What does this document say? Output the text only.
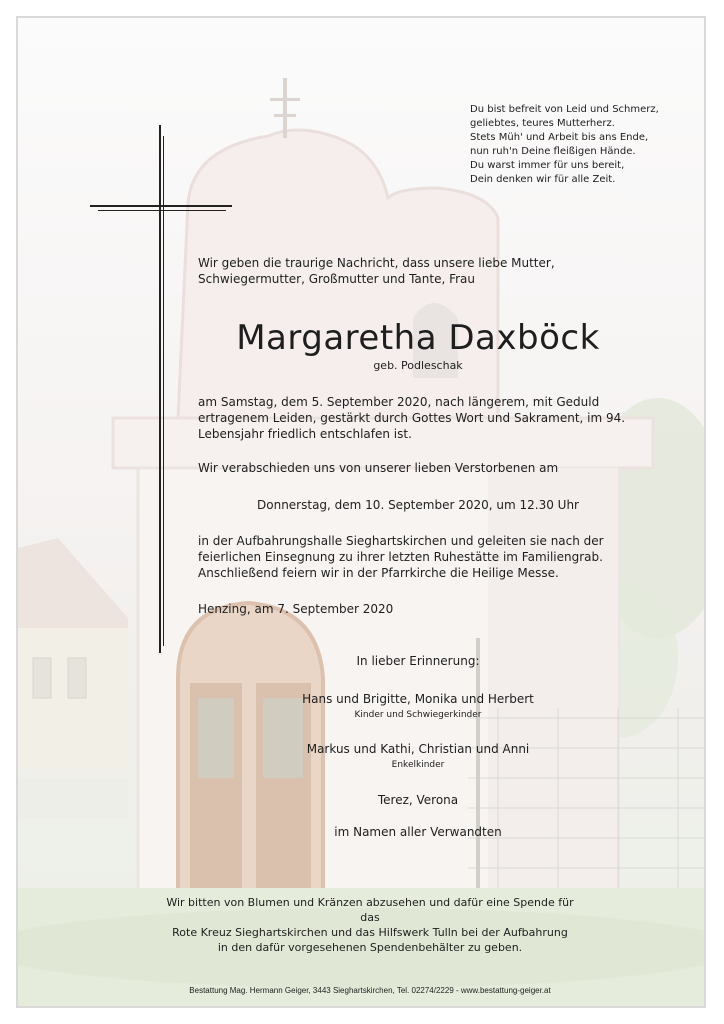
Du bist befreit von Leid und Schmerz,
geliebtes, teures Mutterherz.
Stets Müh' und Arbeit bis ans Ende,
nun ruh'n Deine fleißigen Hände.
Du warst immer für uns bereit,
Dein denken wir für alle Zeit.
Wir geben die traurige Nachricht, dass unsere liebe Mutter, Schwiegermutter, Großmutter und Tante, Frau
Margaretha Daxböck
geb. Podleschak
am Samstag, dem 5. September 2020, nach längerem, mit Geduld ertragenem Leiden, gestärkt durch Gottes Wort und Sakrament, im 94. Lebensjahr friedlich entschlafen ist.
Wir verabschieden uns von unserer lieben Verstorbenen am
Donnerstag, dem 10. September 2020, um 12.30 Uhr
in der Aufbahrungshalle Sieghartskirchen und geleiten sie nach der feierlichen Einsegnung zu ihrer letzten Ruhestätte im Familiengrab. Anschließend feiern wir in der Pfarrkirche die Heilige Messe.
Henzing, am 7. September 2020
In lieber Erinnerung:
Hans und Brigitte, Monika und Herbert
Kinder und Schwiegerkinder
Markus und Kathi, Christian und Anni
Enkelkinder
Terez, Verona
im Namen aller Verwandten
Wir bitten von Blumen und Kränzen abzusehen und dafür eine Spende für das
Rote Kreuz Sieghartskirchen und das Hilfswerk Tulln bei der Aufbahrung
in den dafür vorgesehenen Spendenbehälter zu geben.
Bestattung Mag. Hermann Geiger, 3443 Sieghartskirchen, Tel. 02274/2229 - www.bestattung-geiger.at
